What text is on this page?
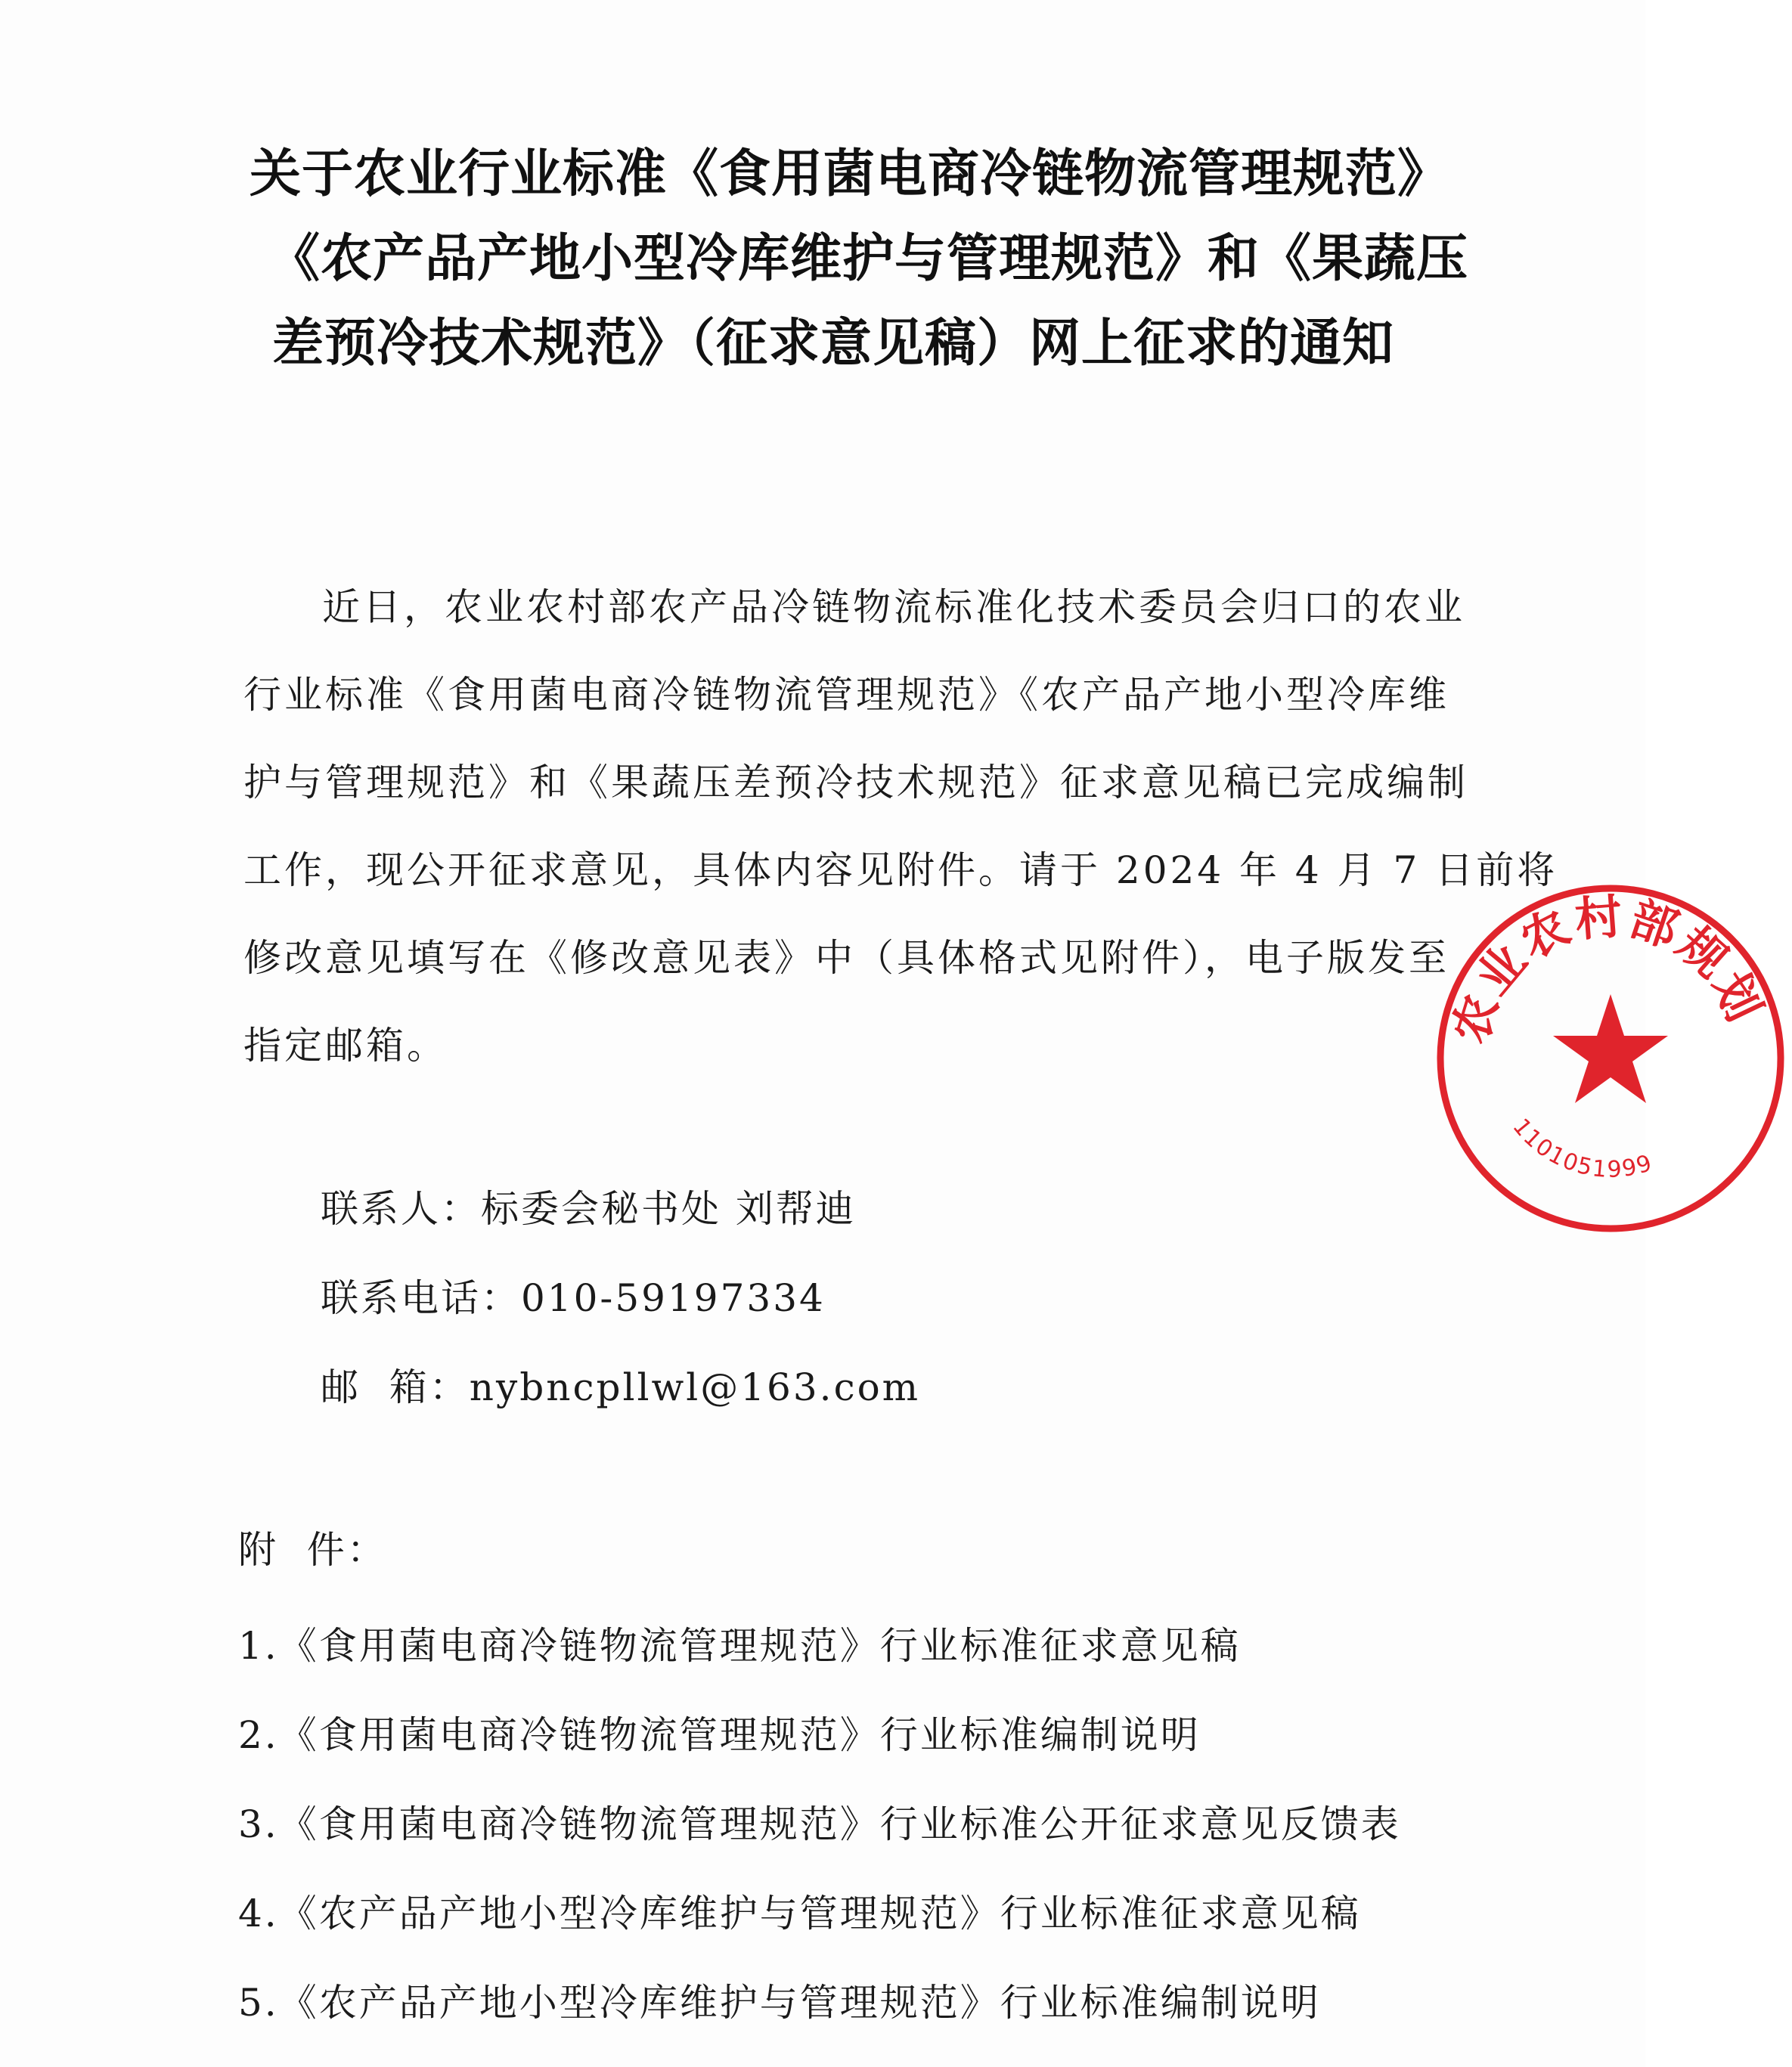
关于农业行业标准《食用菌电商冷链物流管理规范》
《农产品产地小型冷库维护与管理规范》和《果蔬压
差预冷技术规范》（征求意见稿）网上征求的通知

近日，农业农村部农产品冷链物流标准化技术委员会归口的农业
行业标准《食用菌电商冷链物流管理规范》《农产品产地小型冷库维
护与管理规范》和《果蔬压差预冷技术规范》征求意见稿已完成编制
工作，现公开征求意见，具体内容见附件。请于 2024 年 4 月 7 日前将
修改意见填写在《修改意见表》中（具体格式见附件），电子版发至
指定邮箱。

联系人：标委会秘书处 刘帮迪
联系电话：010-59197334
邮  箱：nybncpllwl@163.com
附  件：
1.《食用菌电商冷链物流管理规范》行业标准征求意见稿
2.《食用菌电商冷链物流管理规范》行业标准编制说明
3.《食用菌电商冷链物流管理规范》行业标准公开征求意见反馈表
4.《农产品产地小型冷库维护与管理规范》行业标准征求意见稿
5.《农产品产地小型冷库维护与管理规范》行业标准编制说明
农业农村部规划
1101051999
